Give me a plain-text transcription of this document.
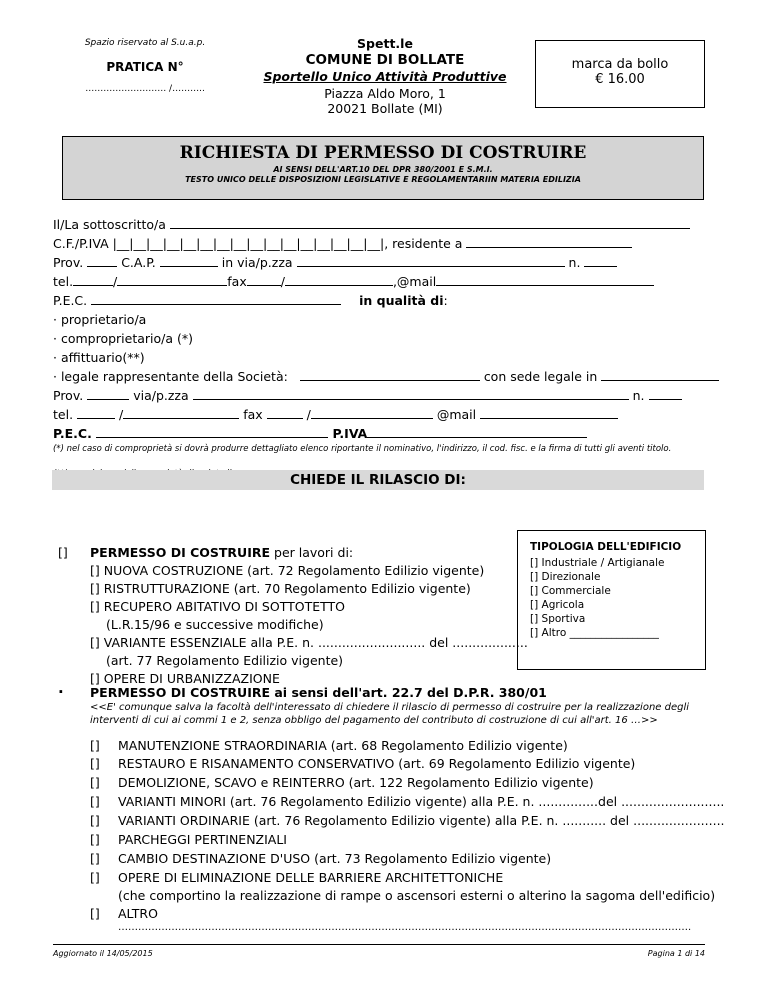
Spazio riservato al S.u.a.p.
PRATICA N°
……………………… /………..
Spett.le
COMUNE DI BOLLATE
Sportello Unico Attività Produttive
Piazza Aldo Moro, 1
20021 Bollate (MI)
marca da bollo
€ 16.00
RICHIESTA DI PERMESSO DI COSTRUIRE
AI SENSI DELL'ART.10 DEL DPR 380/2001 E S.M.I.
TESTO UNICO DELLE DISPOSIZIONI LEGISLATIVE E REGOLAMENTARIIN MATERIA EDILIZIA
Il/La sottoscritto/a
C.F./P.IVA |__|__|__|__|__|__|__|__|__|__|__|__|__|__|__|__|, residente a
Prov.	C.A.P.	in via/p.zza	n.
tel.	/	fax	/	,@mail
P.E.C.	in qualità di:
· proprietario/a
· comproprietario/a (*)
· affittuario(**)
· legale rappresentante della Società:	con sede legale in
Prov.	via/p.zza	n.
tel.	/	fax	/	@mail
P.E.C.	P.IVA
(*) nel caso di comproprietà si dovrà produrre dettagliato elenco riportante il nominativo, l'indirizzo, il cod. fisc. e la firma di tutti gli aventi titolo.
CHIEDE IL RILASCIO DI:
[] PERMESSO DI COSTRUIRE per lavori di:
[] NUOVA COSTRUZIONE (art. 72 Regolamento Edilizio vigente)
[] RISTRUTTURAZIONE (art. 70 Regolamento Edilizio vigente)
[] RECUPERO ABITATIVO DI SOTTOTETTO
(L.R.15/96 e successive modifiche)
[] VARIANTE ESSENZIALE alla P.E. n. ........................... del ...................
(art. 77 Regolamento Edilizio vigente)
[] OPERE DI URBANIZZAZIONE
TIPOLOGIA DELL'EDIFICIO
[] Industriale / Artigianale
[] Direzionale
[] Commerciale
[] Agricola
[] Sportiva
[] Altro _________________
· PERMESSO DI COSTRUIRE ai sensi dell'art. 22.7 del D.P.R. 380/01
<<E' comunque salva la facoltà dell'interessato di chiedere il rilascio di permesso di costruire per la realizzazione degli interventi di cui ai commi 1 e 2, senza obbligo del pagamento del contributo di costruzione di cui all'art. 16 …>>
[] MANUTENZIONE STRAORDINARIA (art. 68 Regolamento Edilizio vigente)
[] RESTAURO E RISANAMENTO CONSERVATIVO (art. 69 Regolamento Edilizio vigente)
[] DEMOLIZIONE, SCAVO e REINTERRO (art. 122 Regolamento Edilizio vigente)
[] VARIANTI MINORI (art. 76 Regolamento Edilizio vigente) alla P.E. n. ...............del ..........................
[] VARIANTI ORDINARIE (art. 76 Regolamento Edilizio vigente) alla P.E. n. ........... del .......................
[] PARCHEGGI PERTINENZIALI
[] CAMBIO DESTINAZIONE D'USO (art. 73 Regolamento Edilizio vigente)
[] OPERE DI ELIMINAZIONE DELLE BARRIERE ARCHITETTONICHE
(che comportino la realizzazione di rampe o ascensori esterni o alterino la sagoma dell'edificio)
[] ALTRO
……………………………………………………………………………………………………………………………………………………….
Aggiornato il 14/05/2015	Pagina 1 di 14
